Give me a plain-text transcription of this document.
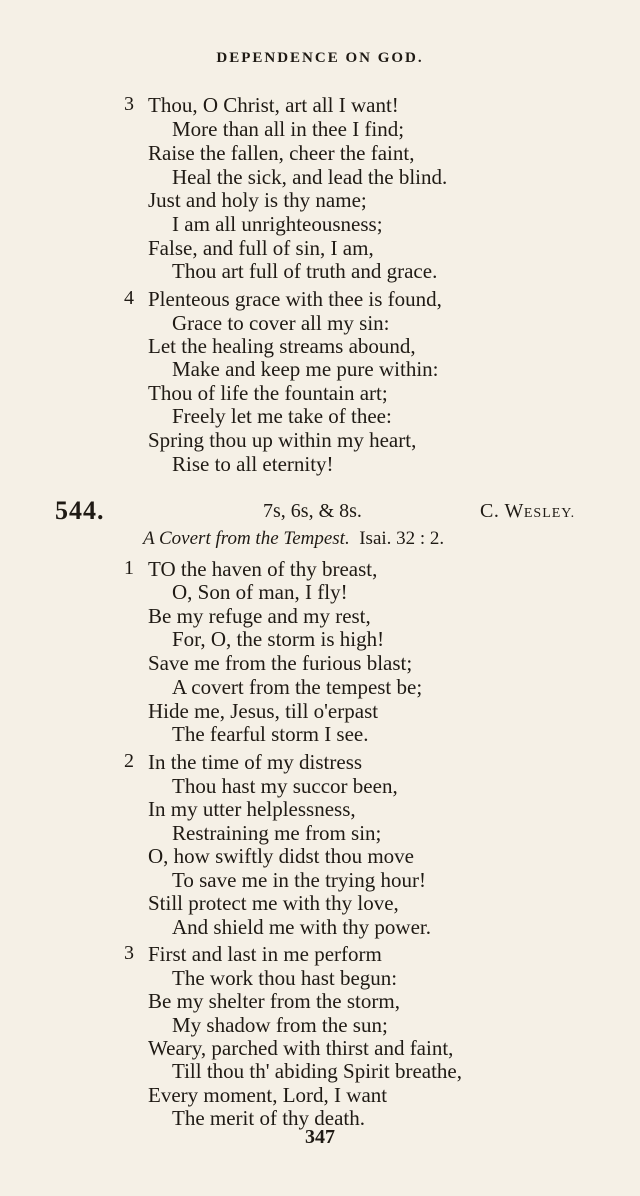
DEPENDENCE ON GOD.
3 Thou, O Christ, art all I want!
More than all in thee I find;
Raise the fallen, cheer the faint,
Heal the sick, and lead the blind.
Just and holy is thy name;
I am all unrighteousness;
False, and full of sin, I am,
Thou art full of truth and grace.
4 Plenteous grace with thee is found,
Grace to cover all my sin:
Let the healing streams abound,
Make and keep me pure within:
Thou of life the fountain art;
Freely let me take of thee:
Spring thou up within my heart,
Rise to all eternity!
544.	7s, 6s, & 8s.	C. WESLEY.
A Covert from the Tempest. Isai. 32 : 2.
1 TO the haven of thy breast,
O, Son of man, I fly!
Be my refuge and my rest,
For, O, the storm is high!
Save me from the furious blast;
A covert from the tempest be;
Hide me, Jesus, till o'erpast
The fearful storm I see.
2 In the time of my distress
Thou hast my succor been,
In my utter helplessness,
Restraining me from sin;
O, how swiftly didst thou move
To save me in the trying hour!
Still protect me with thy love,
And shield me with thy power.
3 First and last in me perform
The work thou hast begun:
Be my shelter from the storm,
My shadow from the sun;
Weary, parched with thirst and faint,
Till thou th' abiding Spirit breathe,
Every moment, Lord, I want
The merit of thy death.
347
